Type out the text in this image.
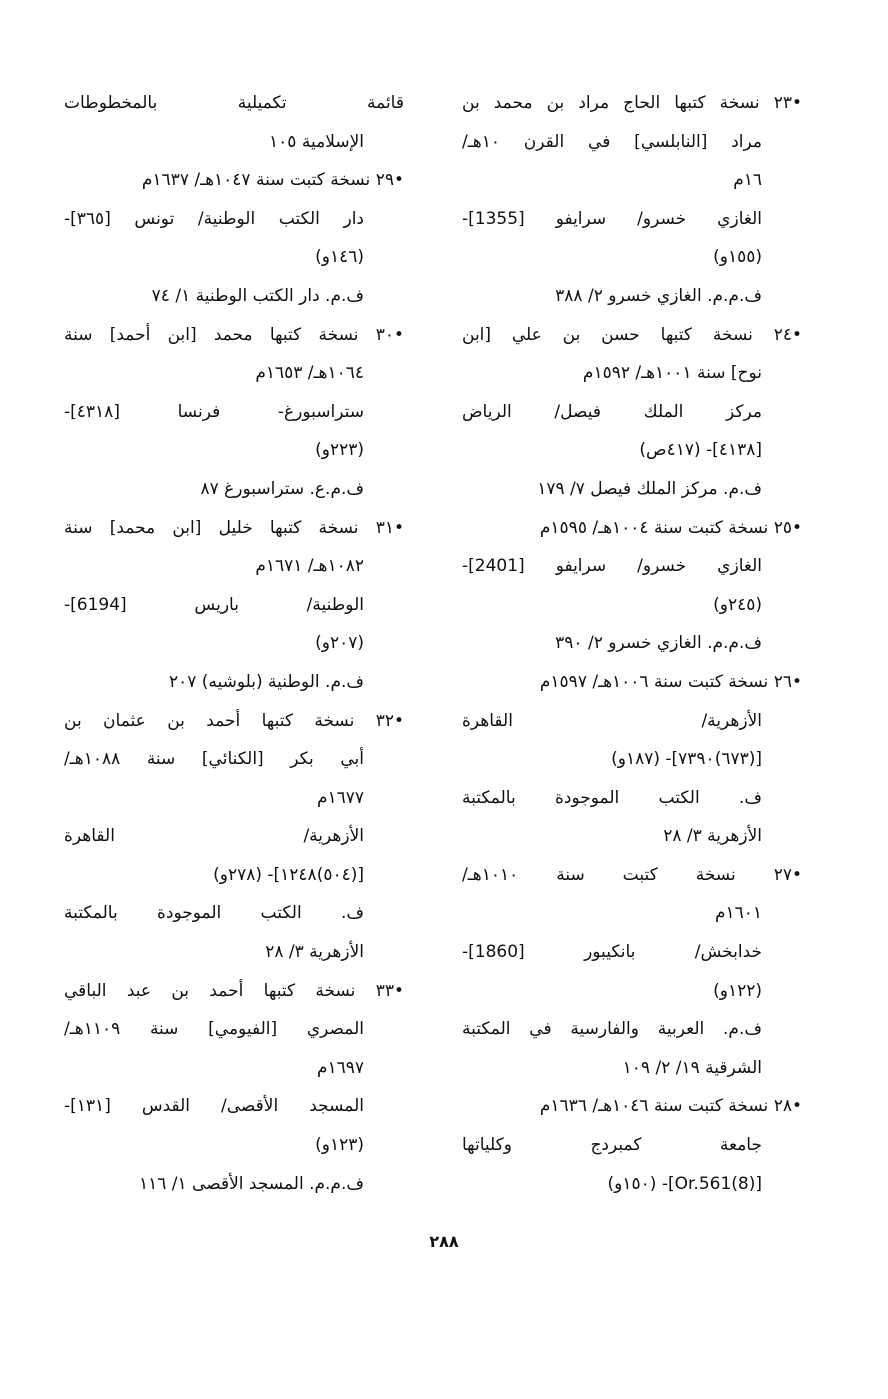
•٢٣ نسخة كتبها الحاج مراد بن محمد بن
مراد [النابلسي] في القرن ١٠هـ/
١٦م
الغازي خسرو/ سرايفو [1355]-
(١٥٥و)
ف.م.م. الغازي خسرو ٢/ ٣٨٨
•٢٤ نسخة كتبها حسن بن علي [ابن
نوح] سنة ١٠٠١هـ/ ١٥٩٢م
مركز الملك فيصل/ الرياض
[٤١٣٨]- (٤١٧ص)
ف.م. مركز الملك فيصل ٧/ ١٧٩
•٢٥ نسخة كتبت سنة ١٠٠٤هـ/ ١٥٩٥م
الغازي خسرو/ سرايفو [2401]-
(٢٤٥و)
ف.م.م. الغازي خسرو ٢/ ٣٩٠
•٢٦ نسخة كتبت سنة ١٠٠٦هـ/ ١٥٩٧م
الأزهرية/ القاهرة
[(٦٧٣)٧٣٩٠]- (١٨٧و)
ف. الكتب الموجودة بالمكتبة
الأزهرية ٣/ ٢٨
•٢٧ نسخة كتبت سنة ١٠١٠هـ/
١٦٠١م
خدابخش/ بانكيبور [1860]-
(١٢٢و)
ف.م. العربية والفارسية في المكتبة
الشرقية ١٩/ ٢/ ١٠٩
•٢٨ نسخة كتبت سنة ١٠٤٦هـ/ ١٦٣٦م
جامعة كمبردج وكلياتها
[Or.561(8)]- (١٥٠و)
قائمة تكميلية بالمخطوطات
الإسلامية ١٠٥
•٢٩ نسخة كتبت سنة ١٠٤٧هـ/ ١٦٣٧م
دار الكتب الوطنية/ تونس [٣٦٥]-
(١٤٦و)
ف.م. دار الكتب الوطنية ١/ ٧٤
•٣٠ نسخة كتبها محمد [ابن أحمد] سنة
١٠٦٤هـ/ ١٦٥٣م
ستراسبورغ- فرنسا [٤٣١٨]-
(٢٢٣و)
ف.م.ع. ستراسبورغ ٨٧
•٣١ نسخة كتبها خليل [ابن محمد] سنة
١٠٨٢هـ/ ١٦٧١م
الوطنية/ باريس [6194]-
(٢٠٧و)
ف.م. الوطنية (بلوشيه) ٢٠٧
•٣٢ نسخة كتبها أحمد بن عثمان بن
أبي بكر [الكنائي] سنة ١٠٨٨هـ/
١٦٧٧م
الأزهرية/ القاهرة
[(٥٠٤)١٢٤٨]- (٢٧٨و)
ف. الكتب الموجودة بالمكتبة
الأزهرية ٣/ ٢٨
•٣٣ نسخة كتبها أحمد بن عبد الباقي
المصري [الفيومي] سنة ١١٠٩هـ/
١٦٩٧م
المسجد الأقصى/ القدس [١٣١]-
(١٢٣و)
ف.م.م. المسجد الأقصى ١/ ١١٦
٢٨٨
